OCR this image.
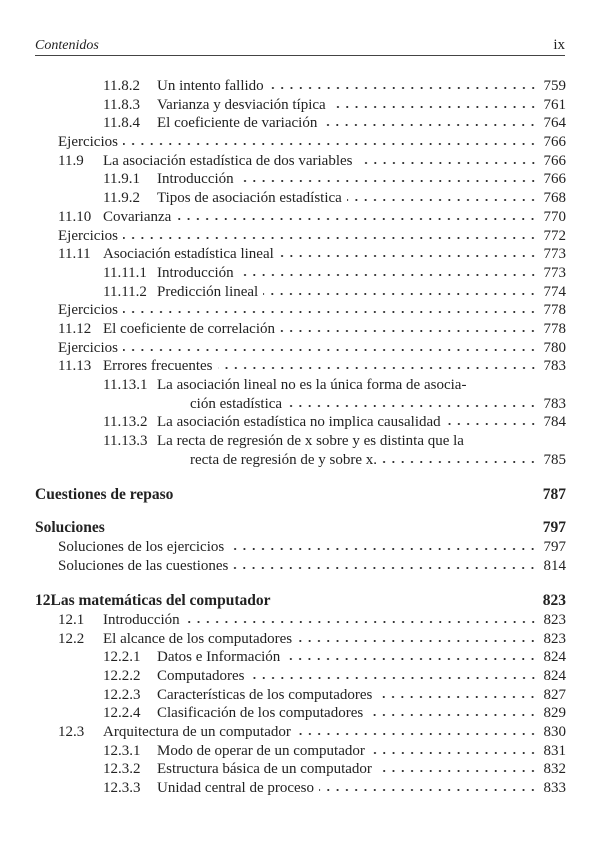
Contenidos	ix
11.8.2	Un intento fallido	759
11.8.3	Varianza y desviación típica	761
11.8.4	El coeficiente de variación	764
Ejercicios	766
11.9	La asociación estadística de dos variables	766
11.9.1	Introducción	766
11.9.2	Tipos de asociación estadística	768
11.10 Covarianza	770
Ejercicios	772
11.11 Asociación estadística lineal	773
11.11.1 Introducción	773
11.11.2 Predicción lineal	774
Ejercicios	778
11.12 El coeficiente de correlación	778
Ejercicios	780
11.13 Errores frecuentes	783
11.13.1 La asociación lineal no es la única forma de asocia-
ción estadística	783
11.13.2 La asociación estadística no implica causalidad	784
11.13.3 La recta de regresión de x sobre y es distinta que la
recta de regresión de y sobre x.	785
Cuestiones de repaso	787
Soluciones	797
Soluciones de los ejercicios	797
Soluciones de las cuestiones	814
12 Las matemáticas del computador	823
12.1	Introducción	823
12.2	El alcance de los computadores	823
12.2.1	Datos e Información	824
12.2.2	Computadores	824
12.2.3	Características de los computadores	827
12.2.4	Clasificación de los computadores	829
12.3	Arquitectura de un computador	830
12.3.1	Modo de operar de un computador	831
12.3.2	Estructura básica de un computador	832
12.3.3	Unidad central de proceso	833
